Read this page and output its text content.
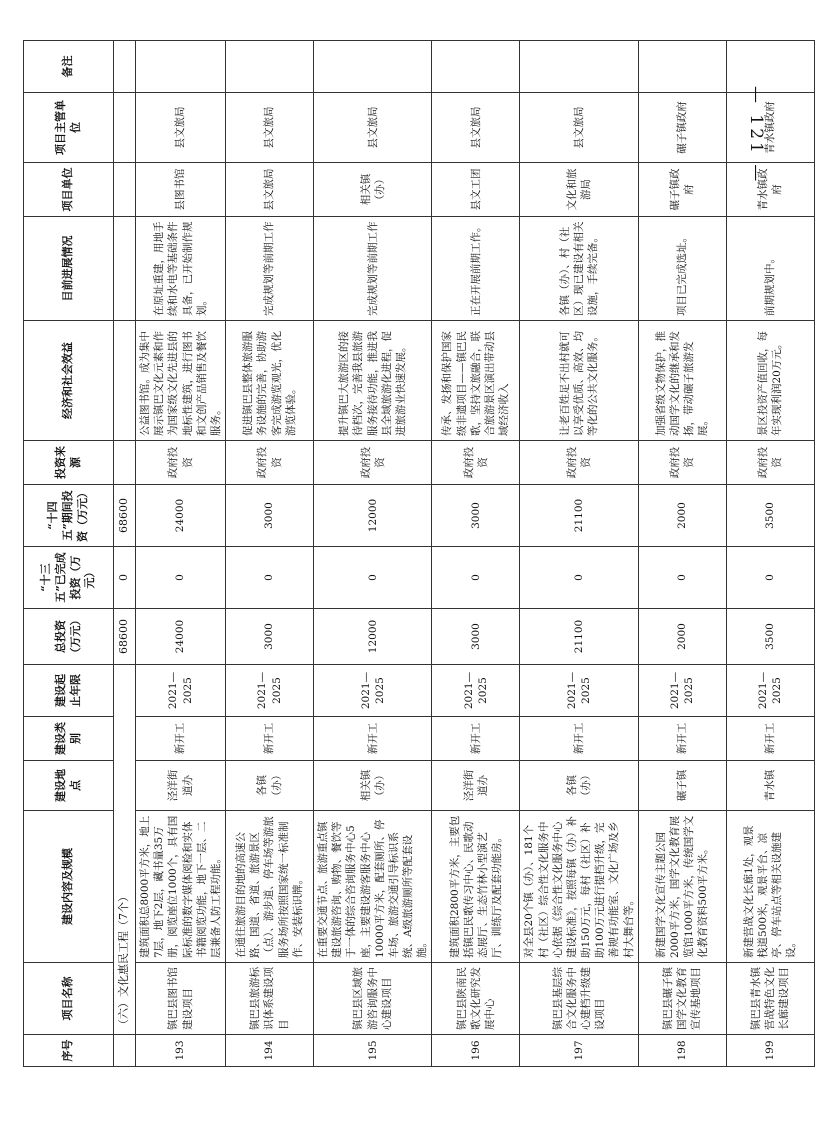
序号	项目名称	建设内容及规模	建设地点	建设类别	建设起止年限	总投资（万元）	“十三五”已完成投资（万元）	“十四五”期间投资（万元）	投资来源	经济和社会效益	目前进展情况	项目单位	项目主管单位	备注
	（六）文化惠民工程（7个）					68600	0	68600						
193	镇巴县图书馆建设项目	建筑面积总8000平方米，地上7层，地下2层，藏书量35万册，阅览座位1000个，具有国际标准的数字媒体阅检和实体书籍阅览功能，地下一层、二层兼备人防工程功能。	泾洋街道办	新开工	2021—2025	24000	0	24000	政府投资	公益图书馆。成为集中展示镇巴文化元素和作为国家级文化先进县的地标性建筑，进行图书和文创产品销售及餐饮服务。	在原址重建，用地手续和水电等基础条件具备，已开始制作规划。	县图书馆	县文旅局	
194	镇巴县旅游标识体系建设项目	在通往旅游目的地的高速公路、国道、省道、旅游景区（点）、游步道、停车场等游旅服务场所按照国家统一标准制作、安装标识牌。	各镇（办）	新开工	2021—2025	3000	0	3000	政府投资	促进镇巴县整体旅游服务设施的完善，协助游客完成游览观光，优化游览体验。	完成规划等前期工作	县文旅局	县文旅局	
195	镇巴县区域旅游咨询服务中心建设项目	在重要交通节点、旅游重点镇建设旅游咨询、购物、餐饮等于一体的综合咨询服务中心5座，主要建设游客服务中心10000平方米，配套厕所、停车场、旅游交通引导标识系统、A级旅游厕所等配套设施。	相关镇（办）	新开工	2021—2025	12000	0	12000	政府投资	提升镇巴大旅游区的接待档次，完善我县旅游服务接待功能，推进我县全域旅游化进程，促进旅游业快速发展。	完成规划等前期工作	相关镇（办）	县文旅局	
196	镇巴县陕南民歌文化研究发展中心	建筑面积2800平方米，主要包括镇巴民歌传习中心、民歌动态展厅、生态竹林小型演艺厅、训练厅及配套功能房。	泾洋街道办	新开工	2021—2025	3000	0	3000	政府投资	传承、发扬和保护国家级非遗项目——镇巴民歌，坚持文旅融合，联合旅游景区演出带动县域经济收入	正在开展前期工作。	县文工团	县文旅局	
197	镇巴县基层综合文化服务中心建档升级建设项目	对全县20个镇（办）、181个村（社区）综合性文化服务中心依据《综合性文化服务中心建设标准》，按照每镇（办）补助150万元，每村（社区）补助100万元进行提档升级，完善规有功能室、文化广场及乡村大舞台等。	各镇（办）	新开工	2021—2025	21100	0	21100	政府投资	让老百姓足不出村就可以享受优质、高效、均等化的公共文化服务。	各镇（办）、村（社区）现已建设有相关设施，手续完备。	文化和旅游局	县文旅局	
198	镇巴县碾子镇国学文化教育宣传基地项目	新建国学文化宣传主题公园2000平方米，国学文化教育展览馆1000平方米，传统国学文化教育资料500平方米。	碾子镇	新开工	2021—2025	2000	0	2000	政府投资	加强省级文物保护，推动国学文化的继承和发扬，带动碾子旅游发展。	项目已完成选址。	碾子镇政府	碾子镇政府	
199	镇巴县青水镇营战特色文化长廊建设项目	新建营战文化长廊1处，观景栈道500米，观景平台、凉亭、停车站点等相关设施建设。	青水镇	新开工	2021—2025	3500	0	3500	政府投资	景区投资产值回收，每年实现利润20万元。	前期规划中。	青水镇政府	青水镇政府	
— 121 —
